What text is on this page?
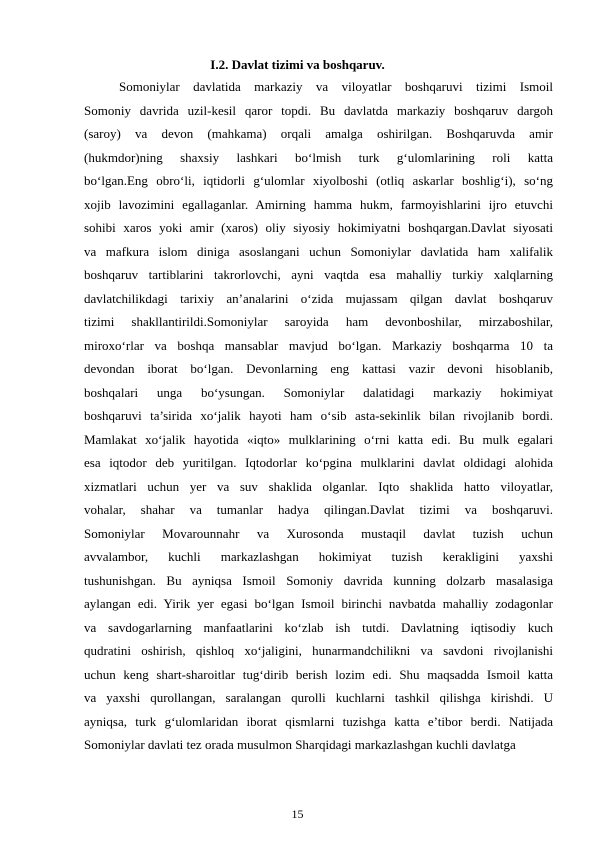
I.2. Davlat tizimi va boshqaruv.
Somoniylar davlatida markaziy va viloyatlar boshqaruvi tizimi Ismoil
Somoniy davrida uzil-kesil qaror topdi. Bu davlatda markaziy boshqaruv dargoh
(saroy) va devon (mahkama) orqali amalga oshirilgan. Boshqaruvda amir
(hukmdor)ning shaxsiy lashkari bo‘lmish turk g‘ulomlarining roli katta
bo‘lgan.Eng obro‘li, iqtidorli g‘ulomlar xiyolboshi (otliq askarlar boshlig‘i), so‘ng
xojib lavozimini egallaganlar. Amirning hamma hukm, farmoyishlarini ijro etuvchi
sohibi xaros yoki amir (xaros) oliy siyosiy hokimiyatni boshqargan.Davlat siyosati
va mafkura islom diniga asoslangani uchun Somoniylar davlatida ham xalifalik
boshqaruv tartiblarini takrorlovchi, ayni vaqtda esa mahalliy turkiy xalqlarning
davlatchilikdagi tarixiy an’analarini o‘zida mujassam qilgan davlat boshqaruv
tizimi shakllantirildi.Somoniylar saroyida ham devonboshilar, mirzaboshilar,
miroxo‘rlar va boshqa mansablar mavjud bo‘lgan. Markaziy boshqarma 10 ta
devondan iborat bo‘lgan. Devonlarning eng kattasi vazir devoni hisoblanib,
boshqalari unga bo‘ysungan. Somoniylar dalatidagi markaziy hokimiyat
boshqaruvi ta’sirida xo‘jalik hayoti ham o‘sib asta-sekinlik bilan rivojlanib bordi.
Mamlakat xo‘jalik hayotida «iqto» mulklarining o‘rni katta edi. Bu mulk egalari
esa iqtodor deb yuritilgan. Iqtodorlar ko‘pgina mulklarini davlat oldidagi alohida
xizmatlari uchun yer va suv shaklida olganlar. Iqto shaklida hatto viloyatlar,
vohalar, shahar va tumanlar hadya qilingan.Davlat tizimi va boshqaruvi.
Somoniylar Movarounnahr va Xurosonda mustaqil davlat tuzish uchun
avvalambor, kuchli markazlashgan hokimiyat tuzish kerakligini yaxshi
tushunishgan. Bu ayniqsa Ismoil Somoniy davrida kunning dolzarb masalasiga
aylangan edi. Yirik yer egasi bo‘lgan Ismoil birinchi navbatda mahalliy zodagonlar
va savdogarlarning manfaatlarini ko‘zlab ish tutdi. Davlatning iqtisodiy kuch
qudratini oshirish, qishloq xo‘jaligini, hunarmandchilikni va savdoni rivojlanishi
uchun keng shart-sharoitlar tug‘dirib berish lozim edi. Shu maqsadda Ismoil katta
va yaxshi qurollangan, saralangan qurolli kuchlarni tashkil qilishga kirishdi. U
ayniqsa, turk g‘ulomlaridan iborat qismlarni tuzishga katta e’tibor berdi. Natijada
Somoniylar davlati tez orada musulmon Sharqidagi markazlashgan kuchli davlatga
15
